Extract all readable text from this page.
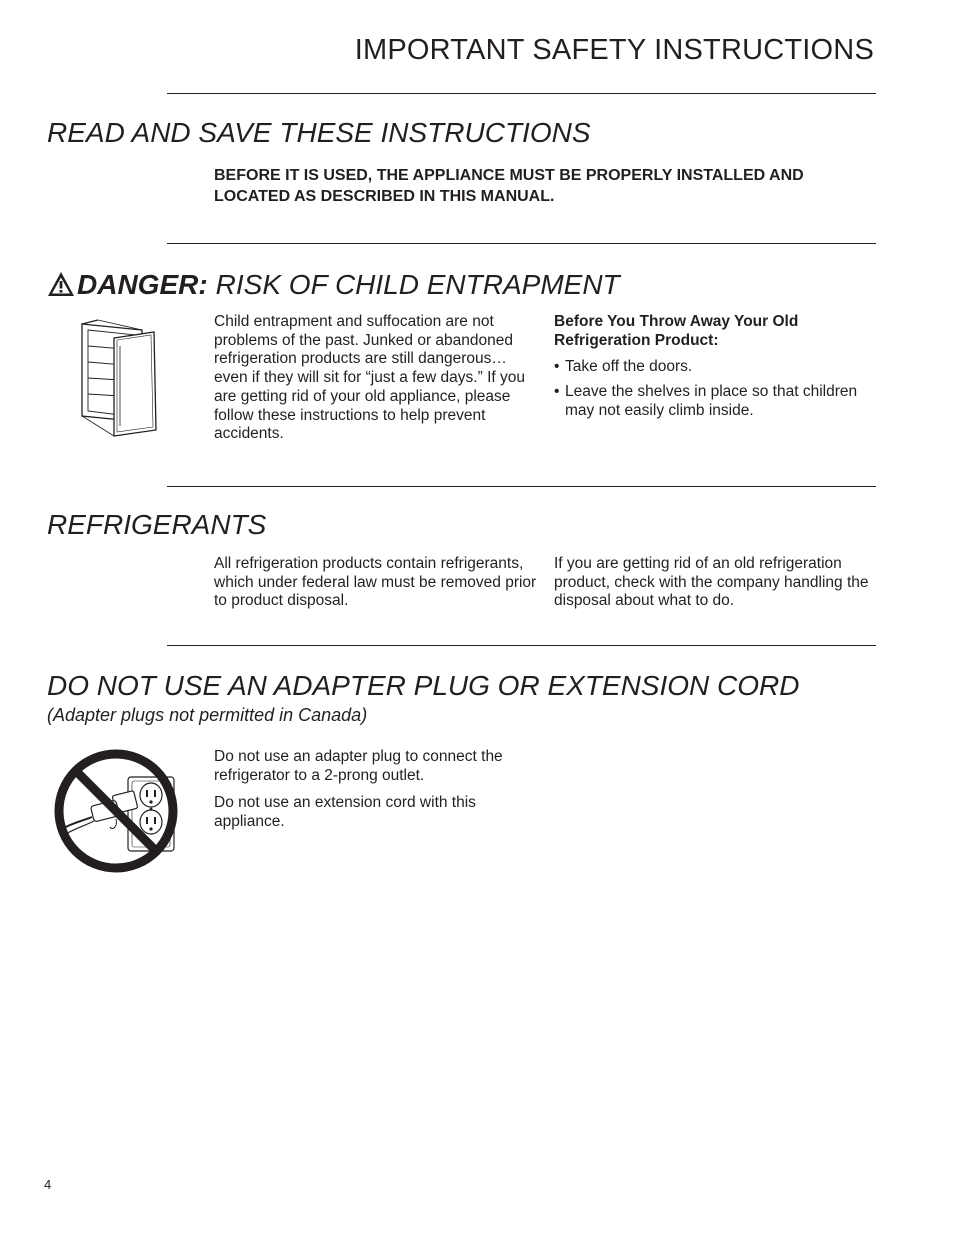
IMPORTANT SAFETY INSTRUCTIONS
READ AND SAVE THESE INSTRUCTIONS

BEFORE IT IS USED, THE APPLIANCE MUST BE PROPERLY INSTALLED AND LOCATED AS DESCRIBED IN THIS MANUAL.

DANGER: RISK OF CHILD ENTRAPMENT

Child entrapment and suffocation are not problems of the past. Junked or abandoned refrigeration products are still dangerous…even if they will sit for “just a few days.” If you are getting rid of your old appliance, please follow these instructions to help prevent accidents.

Before You Throw Away Your Old Refrigeration Product:

• Take off the doors.
• Leave the shelves in place so that children may not easily climb inside.
REFRIGERANTS

All refrigeration products contain refrigerants, which under federal law must be removed prior to product disposal.

If you are getting rid of an old refrigeration product, check with the company handling the disposal about what to do.

DO NOT USE AN ADAPTER PLUG OR EXTENSION CORD
(Adapter plugs not permitted in Canada)

Do not use an adapter plug to connect the refrigerator to a 2-prong outlet.

Do not use an extension cord with this appliance.

4
